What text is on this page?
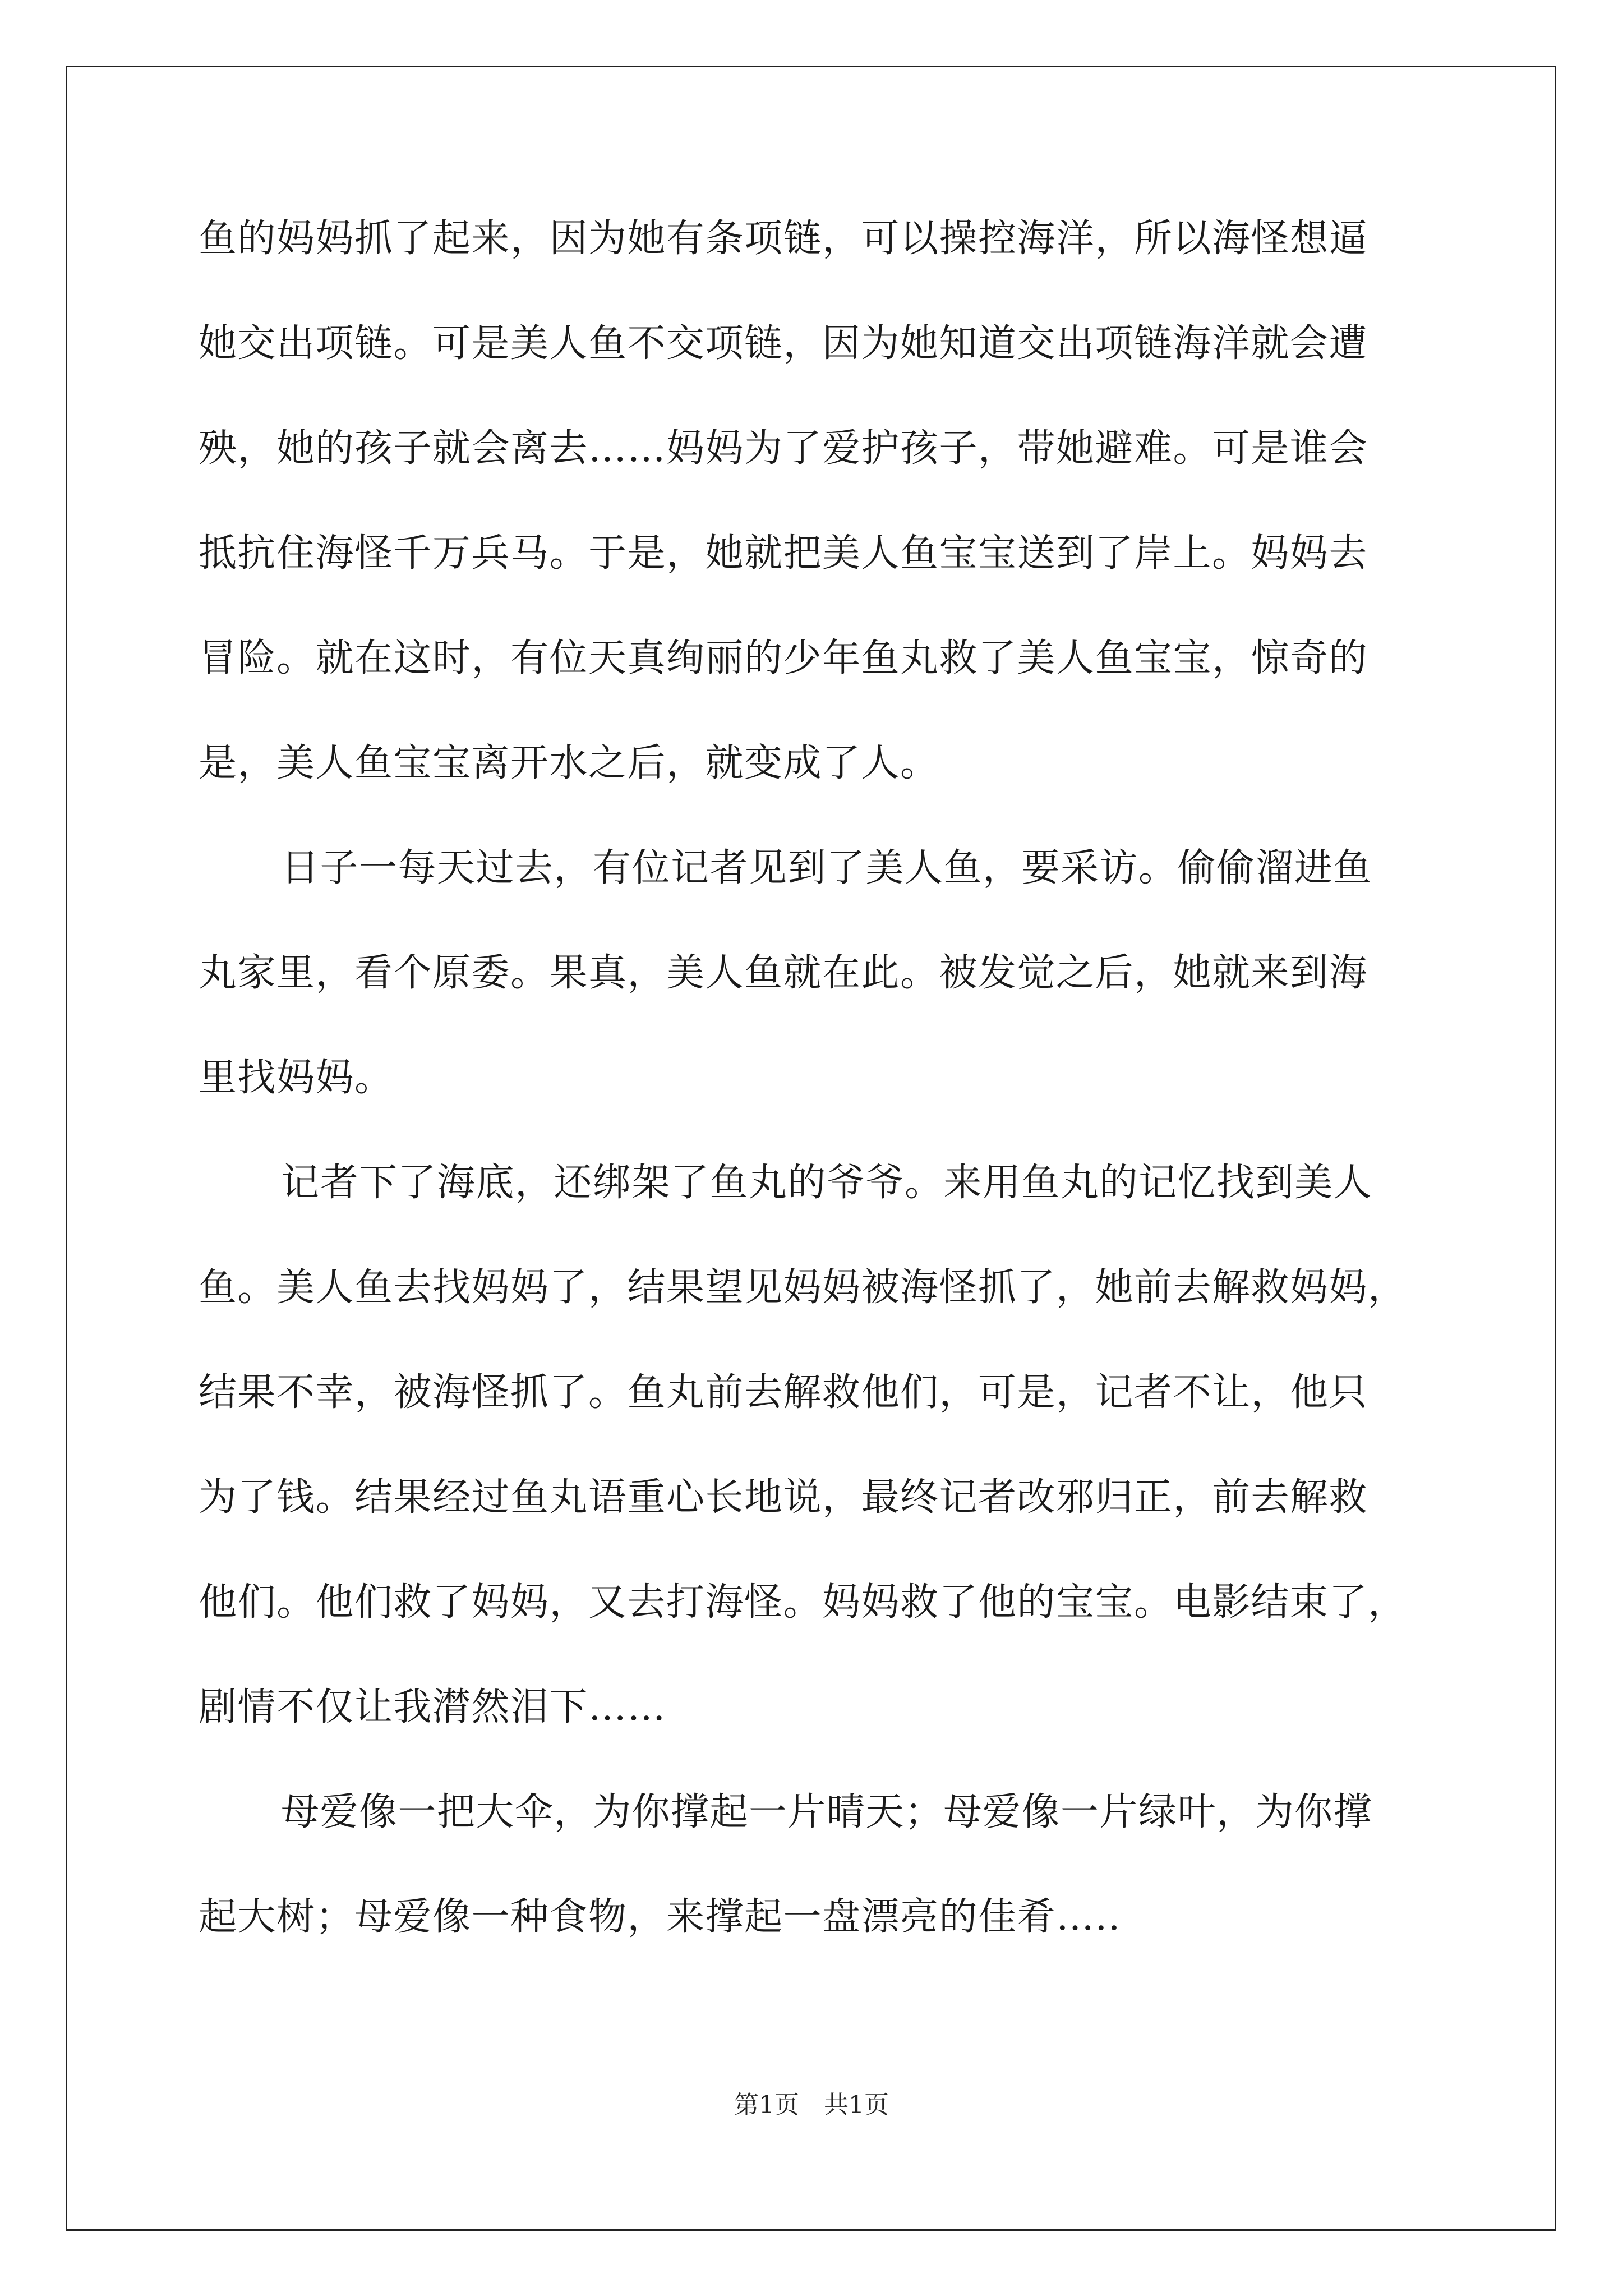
鱼的妈妈抓了起来，因为她有条项链，可以操控海洋，所以海怪想逼
她交出项链。可是美人鱼不交项链，因为她知道交出项链海洋就会遭
殃，她的孩子就会离去……妈妈为了爱护孩子，带她避难。可是谁会
抵抗住海怪千万兵马。于是，她就把美人鱼宝宝送到了岸上。妈妈去
冒险。就在这时，有位天真绚丽的少年鱼丸救了美人鱼宝宝，惊奇的
是，美人鱼宝宝离开水之后，就变成了人。
日子一每天过去，有位记者见到了美人鱼，要采访。偷偷溜进鱼
丸家里，看个原委。果真，美人鱼就在此。被发觉之后，她就来到海
里找妈妈。
记者下了海底，还绑架了鱼丸的爷爷。来用鱼丸的记忆找到美人
鱼。美人鱼去找妈妈了，结果望见妈妈被海怪抓了，她前去解救妈妈，
结果不幸，被海怪抓了。鱼丸前去解救他们，可是，记者不让，他只
为了钱。结果经过鱼丸语重心长地说，最终记者改邪归正，前去解救
他们。他们救了妈妈，又去打海怪。妈妈救了他的宝宝。电影结束了，
剧情不仅让我潸然泪下……
母爱像一把大伞，为你撑起一片晴天；母爱像一片绿叶，为你撑
起大树；母爱像一种食物，来撑起一盘漂亮的佳肴…..
第1页　共1页
